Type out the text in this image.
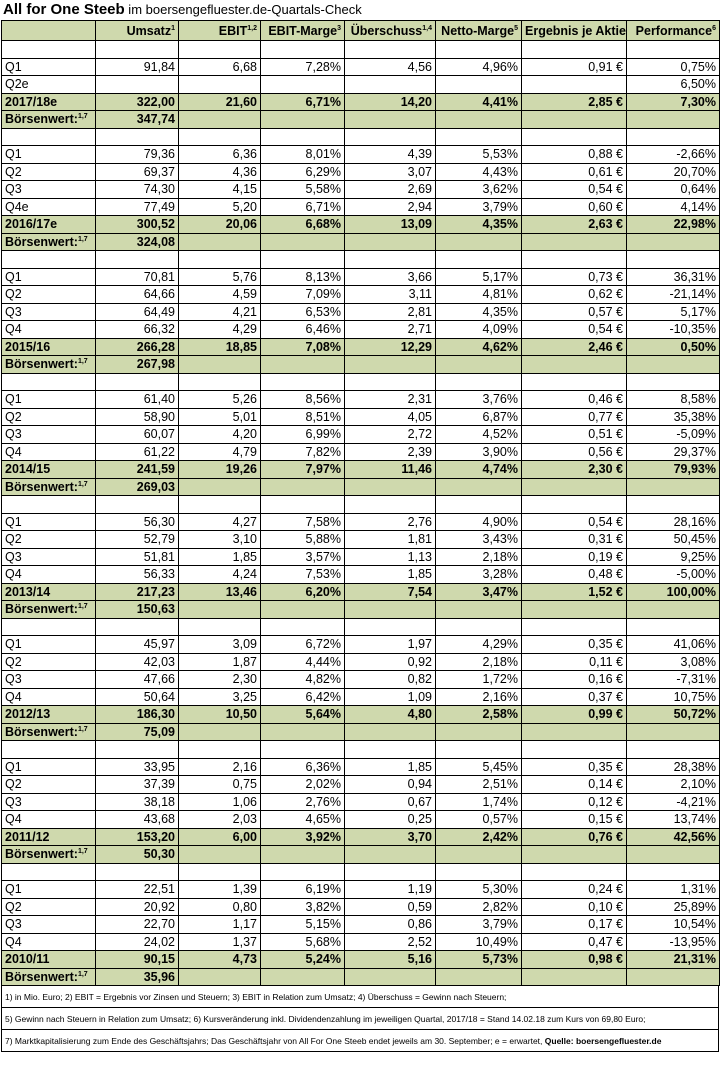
All for One Steeb im boersengefluester.de-Quartals-Check
	Umsatz$^1$	EBIT$^{1,2}$	EBIT-Marge$^3$	Überschuss$^{1,4}$	Netto-Marge$^5$	Ergebnis je Aktie	Performance$^6$

Q1	91,84	6,68	7,28%	4,56	4,96%	0,91 €	0,75%
Q2e							6,50%
2017/18e	322,00	21,60	6,71%	14,20	4,41%	2,85 €	7,30%
Börsenwert:$^{1,7}$	347,74						

Q1	79,36	6,36	8,01%	4,39	5,53%	0,88 €	-2,66%
Q2	69,37	4,36	6,29%	3,07	4,43%	0,61 €	20,70%
Q3	74,30	4,15	5,58%	2,69	3,62%	0,54 €	0,64%
Q4e	77,49	5,20	6,71%	2,94	3,79%	0,60 €	4,14%
2016/17e	300,52	20,06	6,68%	13,09	4,35%	2,63 €	22,98%
Börsenwert:$^{1,7}$	324,08						

Q1	70,81	5,76	8,13%	3,66	5,17%	0,73 €	36,31%
Q2	64,66	4,59	7,09%	3,11	4,81%	0,62 €	-21,14%
Q3	64,49	4,21	6,53%	2,81	4,35%	0,57 €	5,17%
Q4	66,32	4,29	6,46%	2,71	4,09%	0,54 €	-10,35%
2015/16	266,28	18,85	7,08%	12,29	4,62%	2,46 €	0,50%
Börsenwert:$^{1,7}$	267,98						

Q1	61,40	5,26	8,56%	2,31	3,76%	0,46 €	8,58%
Q2	58,90	5,01	8,51%	4,05	6,87%	0,77 €	35,38%
Q3	60,07	4,20	6,99%	2,72	4,52%	0,51 €	-5,09%
Q4	61,22	4,79	7,82%	2,39	3,90%	0,56 €	29,37%
2014/15	241,59	19,26	7,97%	11,46	4,74%	2,30 €	79,93%
Börsenwert:$^{1,7}$	269,03						

Q1	56,30	4,27	7,58%	2,76	4,90%	0,54 €	28,16%
Q2	52,79	3,10	5,88%	1,81	3,43%	0,31 €	50,45%
Q3	51,81	1,85	3,57%	1,13	2,18%	0,19 €	9,25%
Q4	56,33	4,24	7,53%	1,85	3,28%	0,48 €	-5,00%
2013/14	217,23	13,46	6,20%	7,54	3,47%	1,52 €	100,00%
Börsenwert:$^{1,7}$	150,63						

Q1	45,97	3,09	6,72%	1,97	4,29%	0,35 €	41,06%
Q2	42,03	1,87	4,44%	0,92	2,18%	0,11 €	3,08%
Q3	47,66	2,30	4,82%	0,82	1,72%	0,16 €	-7,31%
Q4	50,64	3,25	6,42%	1,09	2,16%	0,37 €	10,75%
2012/13	186,30	10,50	5,64%	4,80	2,58%	0,99 €	50,72%
Börsenwert:$^{1,7}$	75,09						

Q1	33,95	2,16	6,36%	1,85	5,45%	0,35 €	28,38%
Q2	37,39	0,75	2,02%	0,94	2,51%	0,14 €	2,10%
Q3	38,18	1,06	2,76%	0,67	1,74%	0,12 €	-4,21%
Q4	43,68	2,03	4,65%	0,25	0,57%	0,15 €	13,74%
2011/12	153,20	6,00	3,92%	3,70	2,42%	0,76 €	42,56%
Börsenwert:$^{1,7}$	50,30						

Q1	22,51	1,39	6,19%	1,19	5,30%	0,24 €	1,31%
Q2	20,92	0,80	3,82%	0,59	2,82%	0,10 €	25,89%
Q3	22,70	1,17	5,15%	0,86	3,79%	0,17 €	10,54%
Q4	24,02	1,37	5,68%	2,52	10,49%	0,47 €	-13,95%
2010/11	90,15	4,73	5,24%	5,16	5,73%	0,98 €	21,31%
Börsenwert:$^{1,7}$	35,96						
1) in Mio. Euro; 2) EBIT = Ergebnis vor Zinsen und Steuern; 3) EBIT in Relation zum Umsatz; 4) Überschuss = Gewinn nach Steuern;
5) Gewinn nach Steuern in Relation zum Umsatz; 6) Kursveränderung inkl. Dividendenzahlung im jeweiligen Quartal, 2017/18 = Stand 14.02.18 zum Kurs von 69,80 Euro;
7) Marktkapitalisierung zum Ende des Geschäftsjahrs; Das Geschäftsjahr von All For One Steeb endet jeweils am 30. September; e = erwartet, Quelle: boersengefluester.de
